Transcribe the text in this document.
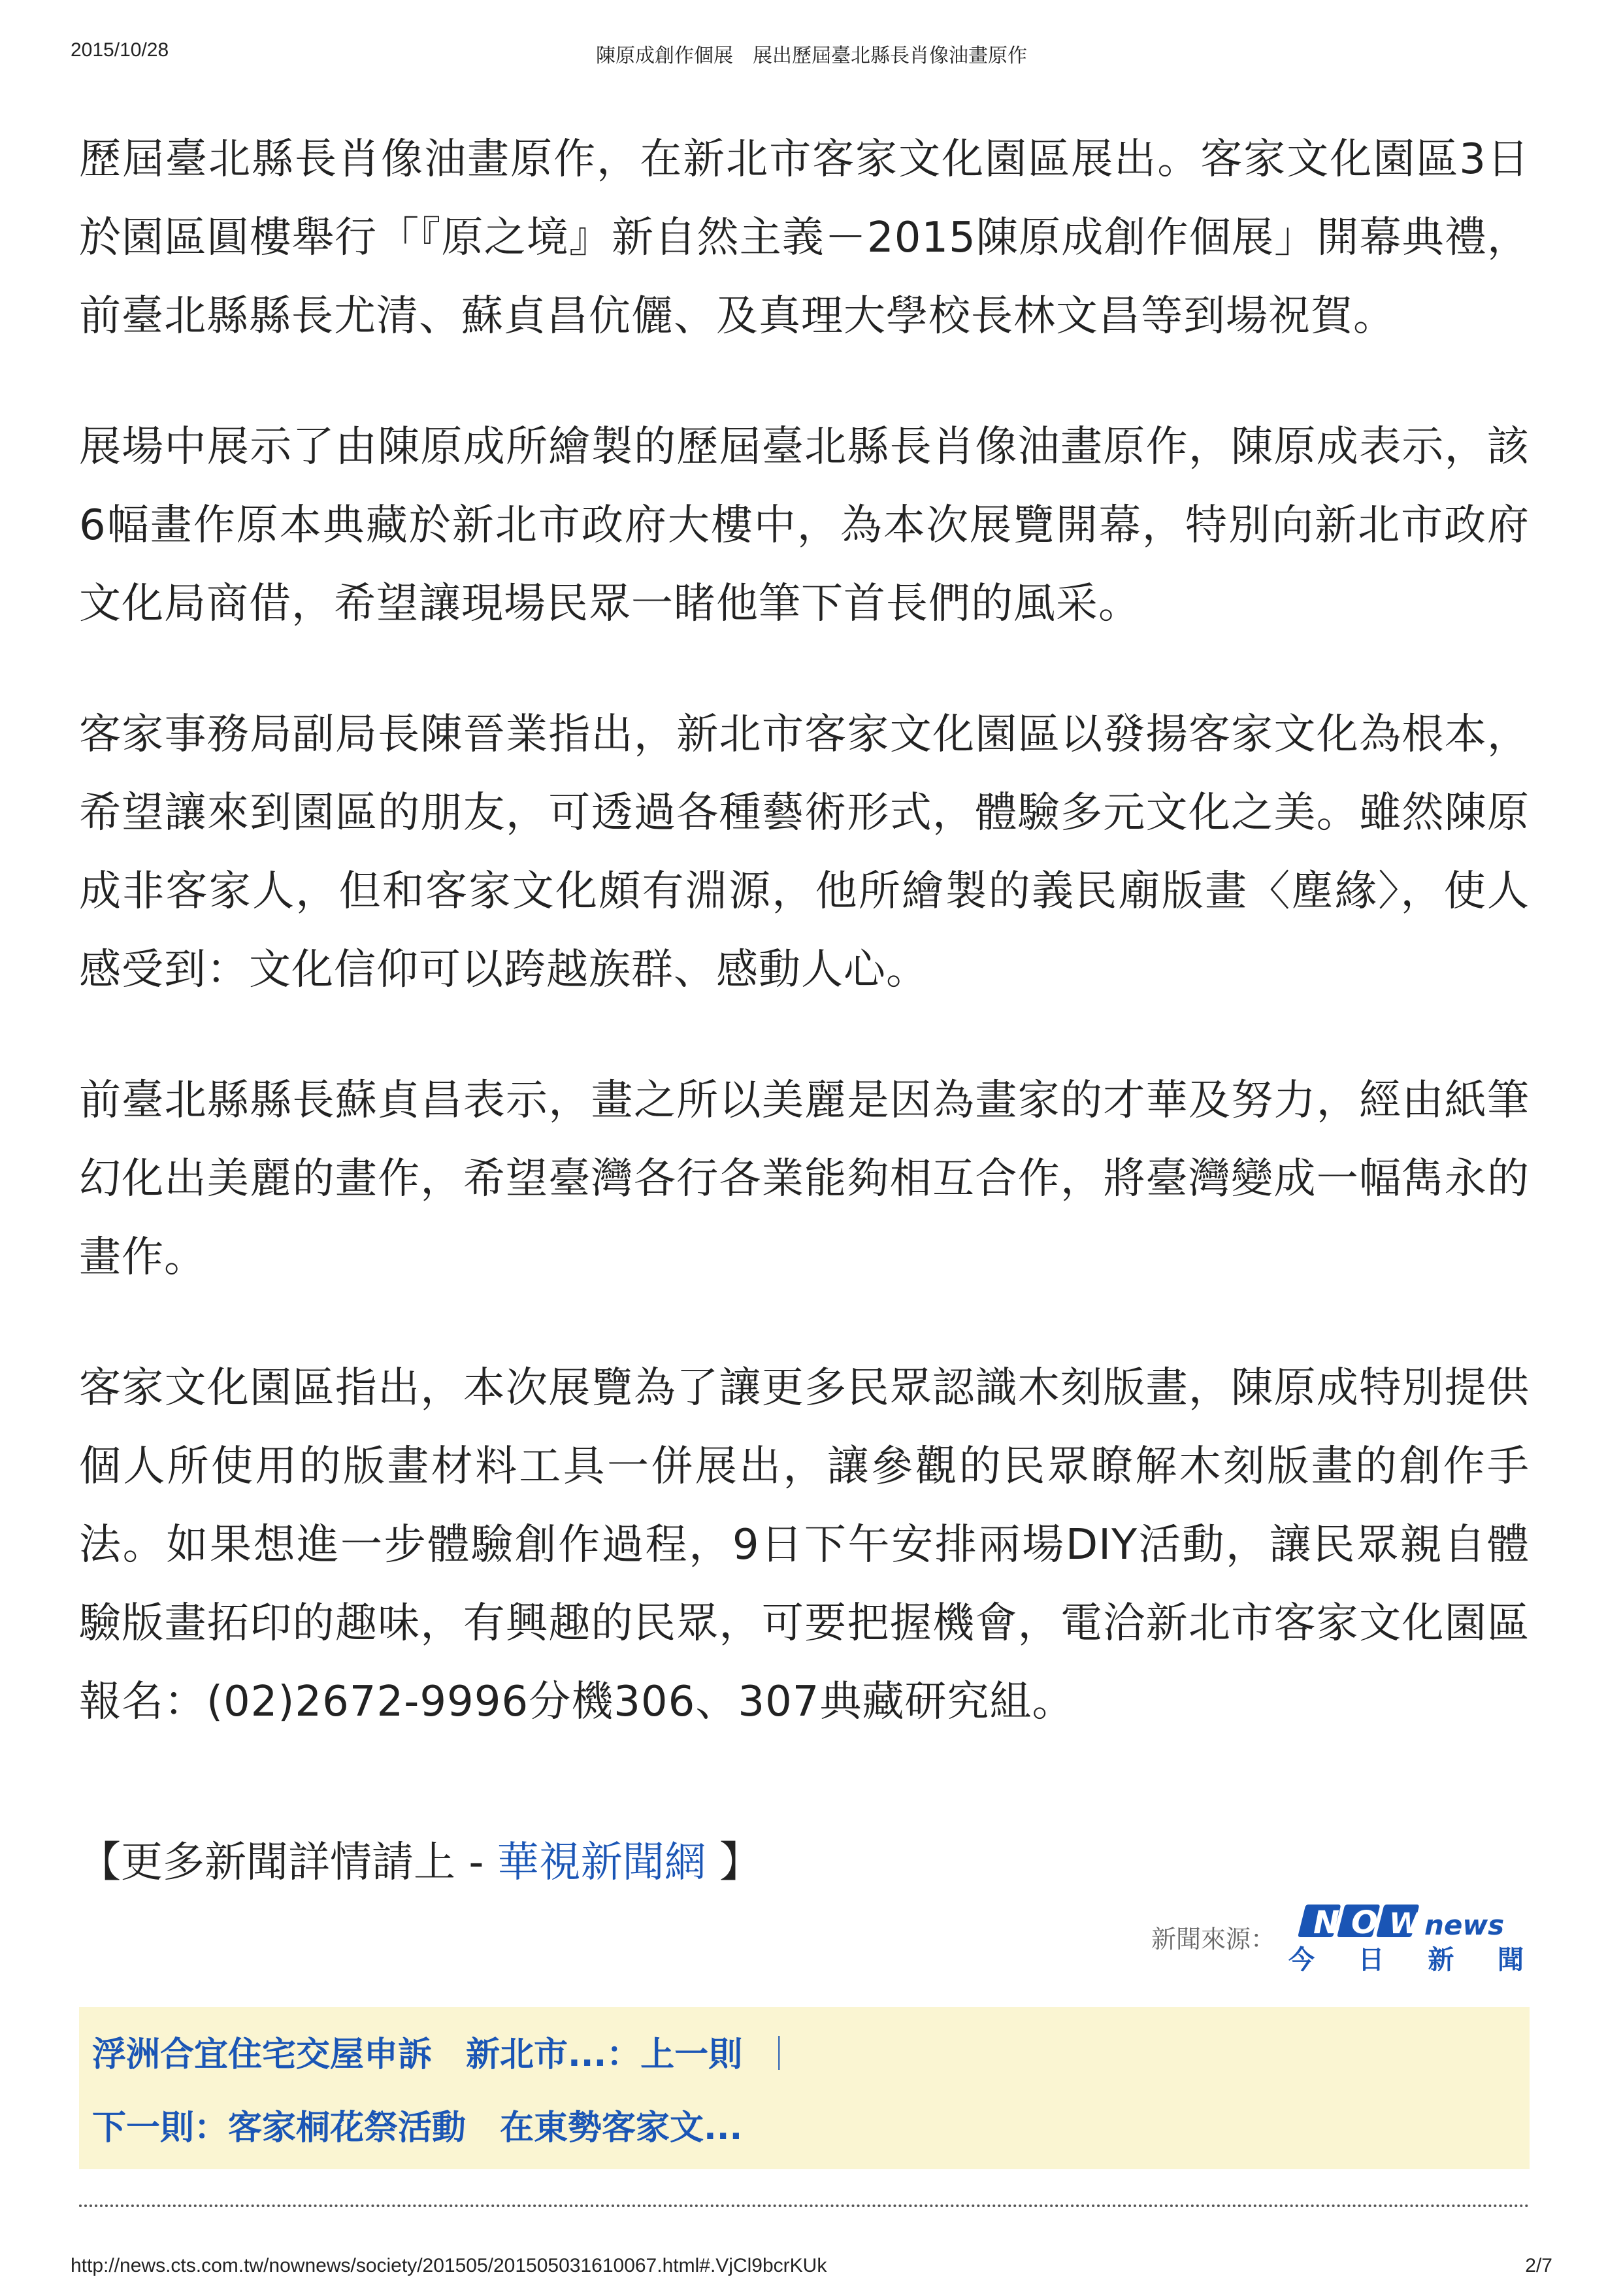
2015/10/28	陳原成創作個展　展出歷屆臺北縣長肖像油畫原作

歷屆臺北縣長肖像油畫原作，在新北市客家文化園區展出。客家文化園區3日於園區圓樓舉行「『原之境』新自然主義－2015陳原成創作個展」開幕典禮，前臺北縣縣長尤清、蘇貞昌伉儷、及真理大學校長林文昌等到場祝賀。

展場中展示了由陳原成所繪製的歷屆臺北縣長肖像油畫原作，陳原成表示，該6幅畫作原本典藏於新北市政府大樓中，為本次展覽開幕，特別向新北市政府文化局商借，希望讓現場民眾一睹他筆下首長們的風采。

客家事務局副局長陳晉業指出，新北市客家文化園區以發揚客家文化為根本，希望讓來到園區的朋友，可透過各種藝術形式，體驗多元文化之美。雖然陳原成非客家人，但和客家文化頗有淵源，他所繪製的義民廟版畫〈塵緣〉，使人感受到：文化信仰可以跨越族群、感動人心。

前臺北縣縣長蘇貞昌表示，畫之所以美麗是因為畫家的才華及努力，經由紙筆幻化出美麗的畫作，希望臺灣各行各業能夠相互合作，將臺灣變成一幅雋永的畫作。

客家文化園區指出，本次展覽為了讓更多民眾認識木刻版畫，陳原成特別提供個人所使用的版畫材料工具一併展出，讓參觀的民眾瞭解木刻版畫的創作手法。如果想進一步體驗創作過程，9日下午安排兩場DIY活動，讓民眾親自體驗版畫拓印的趣味，有興趣的民眾，可要把握機會，電洽新北市客家文化園區報名：(02)2672-9996分機306、307典藏研究組。

【更多新聞詳情請上 - 華視新聞網 】
新聞來源： N O W news
今日新聞
浮洲合宜住宅交屋申訴　新北市...：上一則 ｜
下一則：客家桐花祭活動　在東勢客家文...
http://news.cts.com.tw/nownews/society/201505/201505031610067.html#.VjCl9bcrKUk	2/7
